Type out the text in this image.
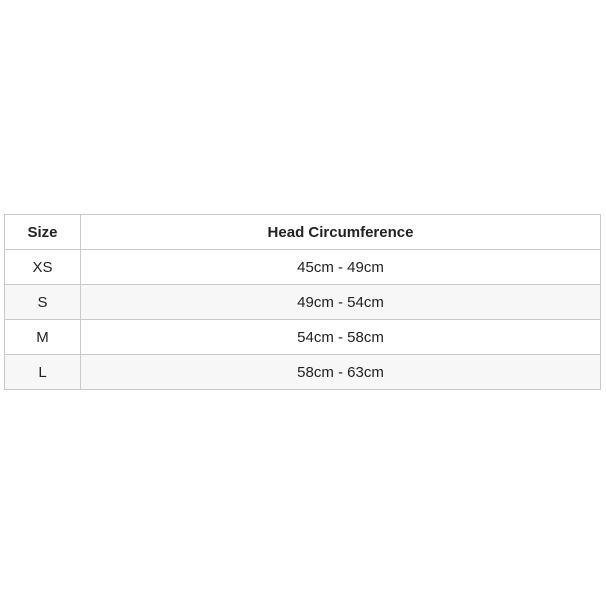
Size	Head Circumference
XS	45cm - 49cm
S	49cm - 54cm
M	54cm - 58cm
L	58cm - 63cm
